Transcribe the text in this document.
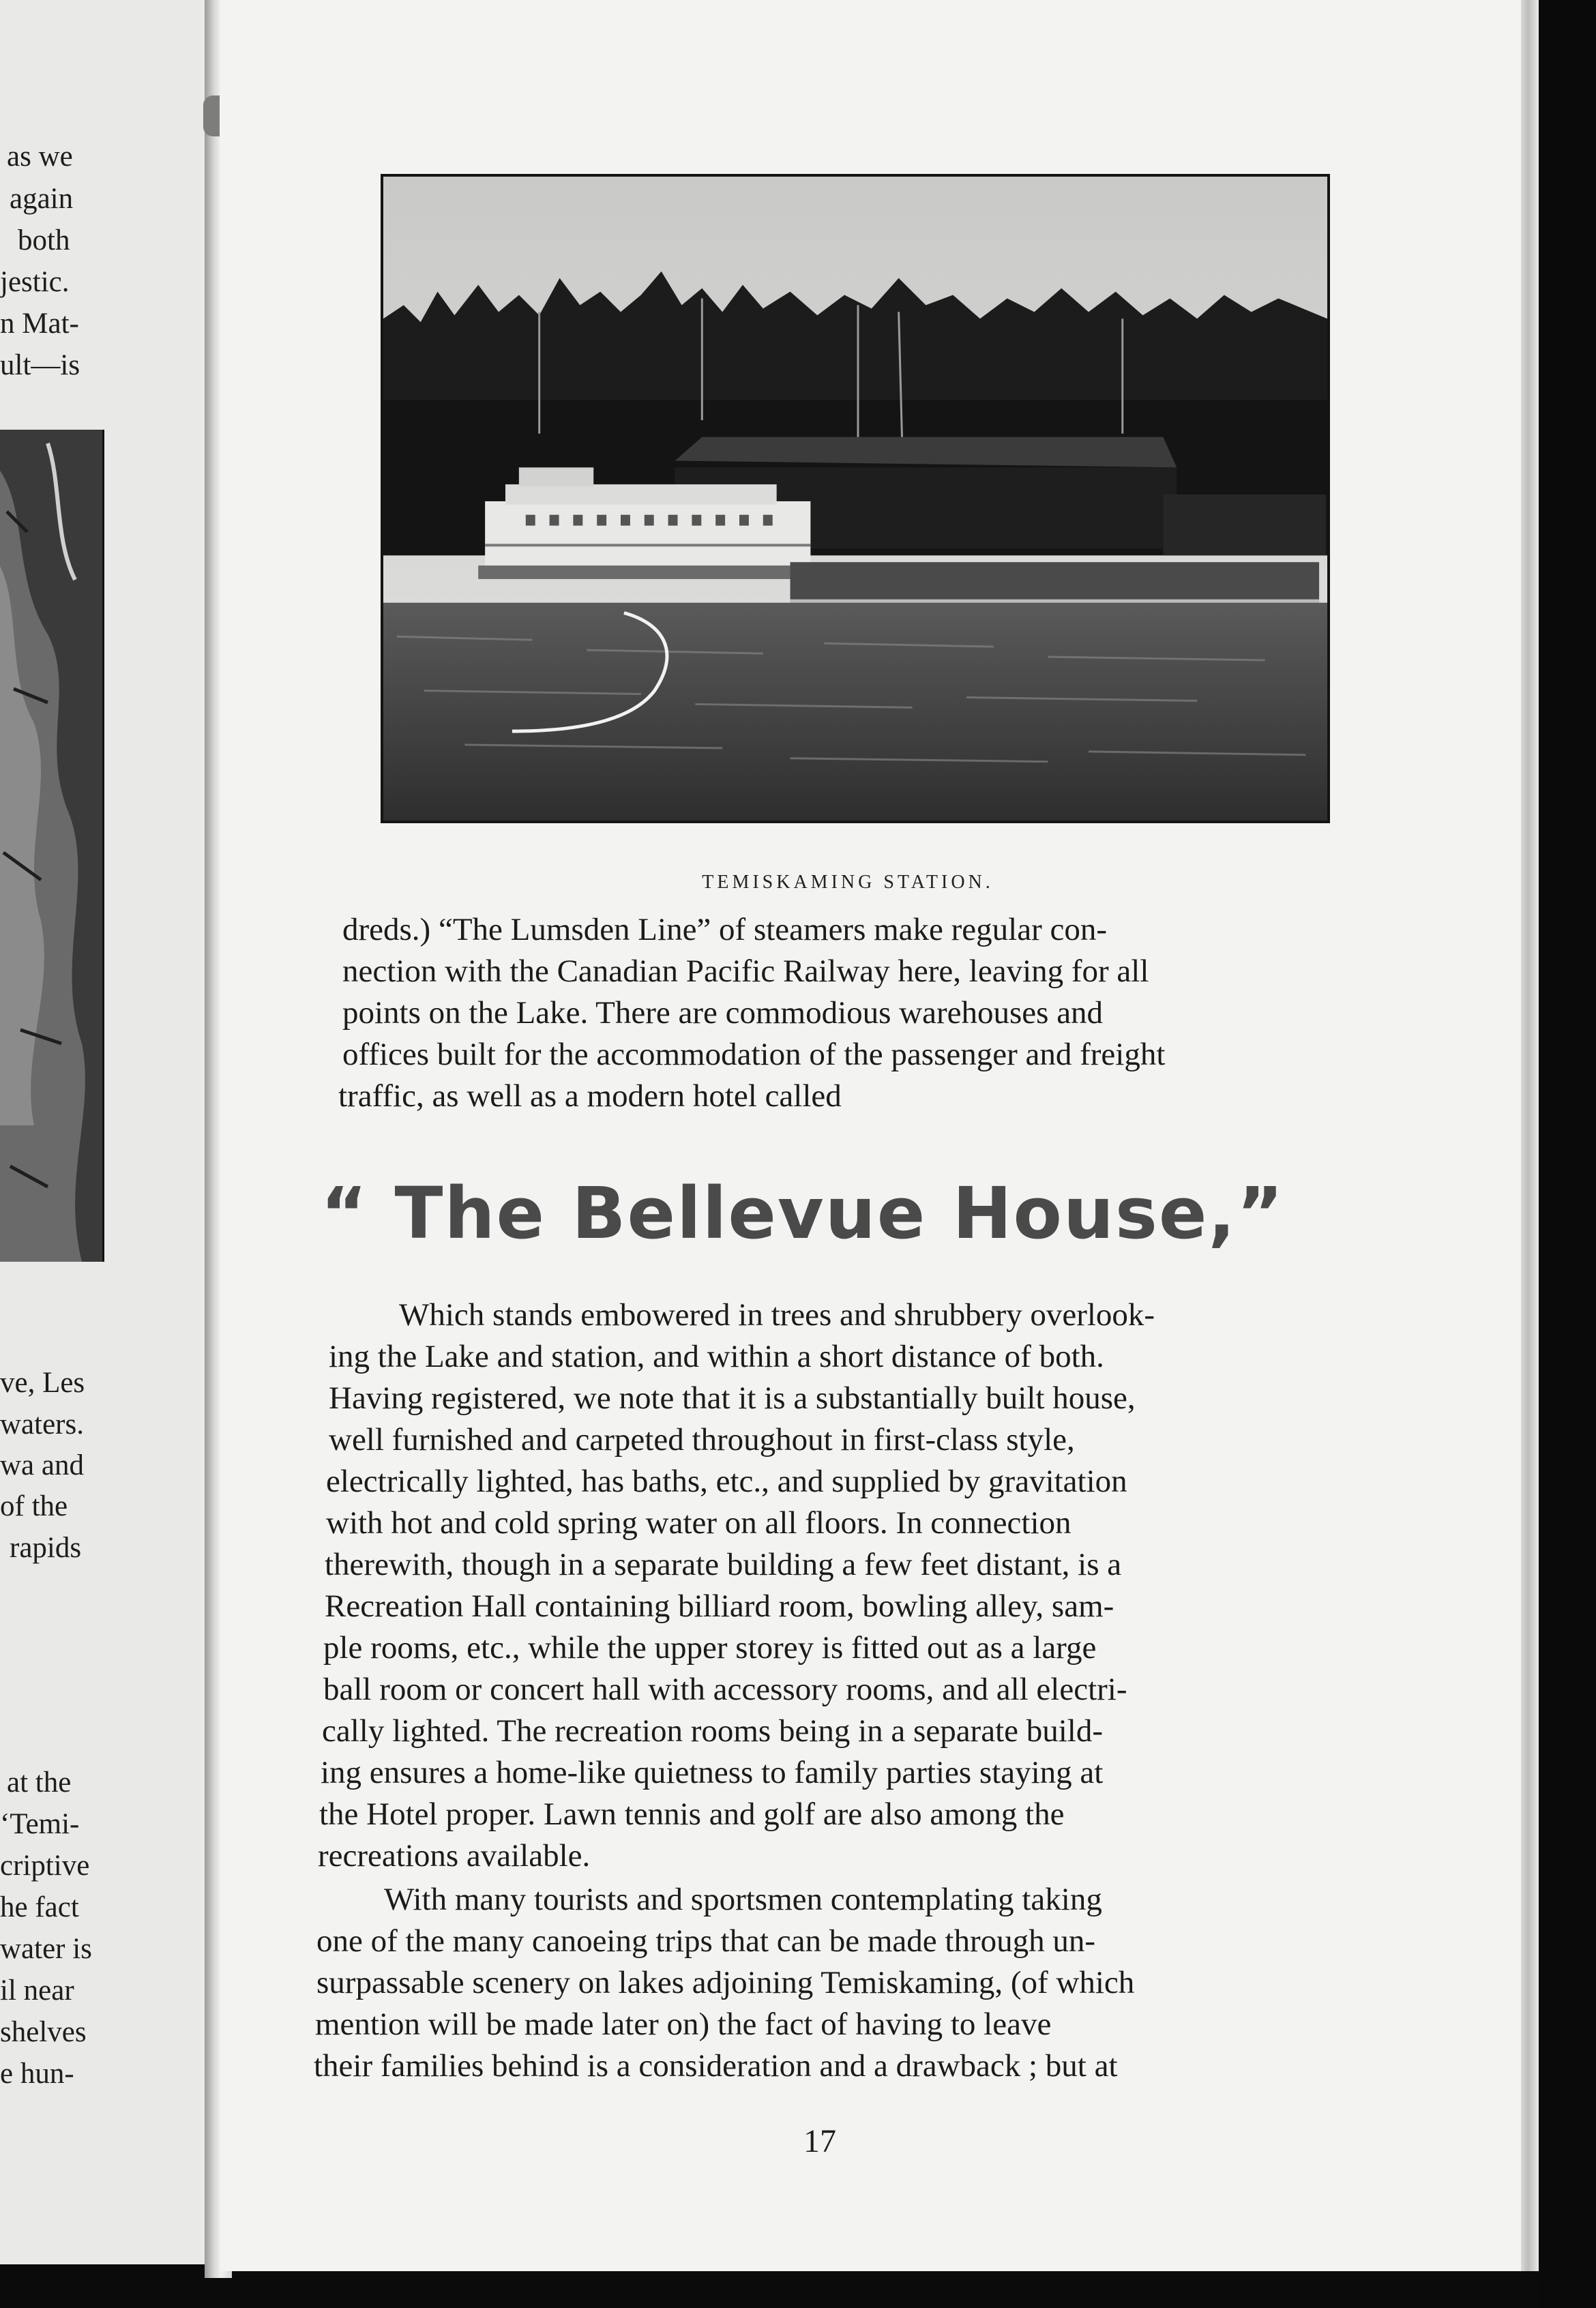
as we
again
both
jestic.
n Mat-
ult—is
ve, Les
waters.
wa and
of the
rapids
at the
‘Temi-
criptive
he fact
water is
il near
shelves
e hun-
TEMISKAMING STATION.
dreds.) “The Lumsden Line” of steamers make regular con-
nection with the Canadian Pacific Railway here, leaving for all
points on the Lake. There are commodious warehouses and
offices built for the accommodation of the passenger and freight
traffic, as well as a modern hotel called
“ The Bellevue House,”
Which stands embowered in trees and shrubbery overlook-
ing the Lake and station, and within a short distance of both.
Having registered, we note that it is a substantially built house,
well furnished and carpeted throughout in first-class style,
electrically lighted, has baths, etc., and supplied by gravitation
with hot and cold spring water on all floors. In connection
therewith, though in a separate building a few feet distant, is a
Recreation Hall containing billiard room, bowling alley, sam-
ple rooms, etc., while the upper storey is fitted out as a large
ball room or concert hall with accessory rooms, and all electri-
cally lighted. The recreation rooms being in a separate build-
ing ensures a home-like quietness to family parties staying at
the Hotel proper. Lawn tennis and golf are also among the
recreations available.
With many tourists and sportsmen contemplating taking
one of the many canoeing trips that can be made through un-
surpassable scenery on lakes adjoining Temiskaming, (of which
mention will be made later on) the fact of having to leave
their families behind is a consideration and a drawback ; but at
17
